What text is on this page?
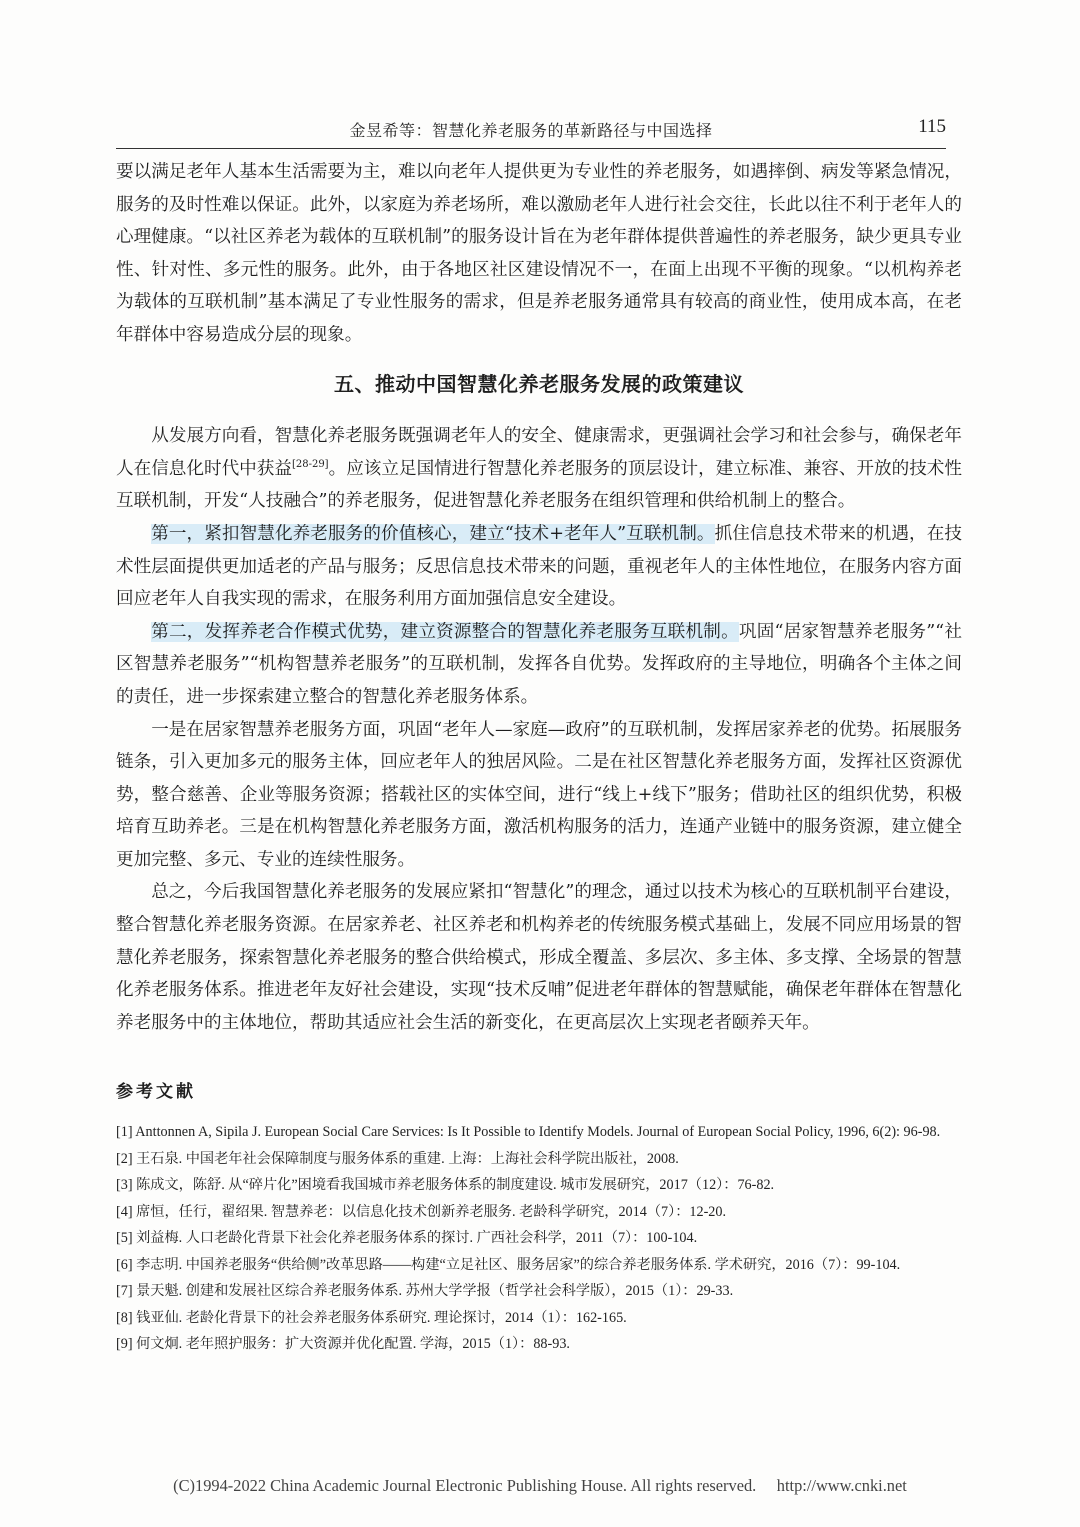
金昱希等：智慧化养老服务的革新路径与中国选择	115

要以满足老年人基本生活需要为主，难以向老年人提供更为专业性的养老服务，如遇摔倒、病发等紧急情况，服务的及时性难以保证。此外，以家庭为养老场所，难以激励老年人进行社会交往，长此以往不利于老年人的心理健康。“以社区养老为载体的互联机制”的服务设计旨在为老年群体提供普遍性的养老服务，缺少更具专业性、针对性、多元性的服务。此外，由于各地区社区建设情况不一，在面上出现不平衡的现象。“以机构养老为载体的互联机制”基本满足了专业性服务的需求，但是养老服务通常具有较高的商业性，使用成本高，在老年群体中容易造成分层的现象。

五、推动中国智慧化养老服务发展的政策建议

从发展方向看，智慧化养老服务既强调老年人的安全、健康需求，更强调社会学习和社会参与，确保老年人在信息化时代中获益[28-29]。应该立足国情进行智慧化养老服务的顶层设计，建立标准、兼容、开放的技术性互联机制，开发“人技融合”的养老服务，促进智慧化养老服务在组织管理和供给机制上的整合。

第一，紧扣智慧化养老服务的价值核心，建立“技术+老年人”互联机制。抓住信息技术带来的机遇，在技术性层面提供更加适老的产品与服务；反思信息技术带来的问题，重视老年人的主体性地位，在服务内容方面回应老年人自我实现的需求，在服务利用方面加强信息安全建设。

第二，发挥养老合作模式优势，建立资源整合的智慧化养老服务互联机制。巩固“居家智慧养老服务”“社区智慧养老服务”“机构智慧养老服务”的互联机制，发挥各自优势。发挥政府的主导地位，明确各个主体之间的责任，进一步探索建立整合的智慧化养老服务体系。

一是在居家智慧养老服务方面，巩固“老年人—家庭—政府”的互联机制，发挥居家养老的优势。拓展服务链条，引入更加多元的服务主体，回应老年人的独居风险。二是在社区智慧化养老服务方面，发挥社区资源优势，整合慈善、企业等服务资源；搭载社区的实体空间，进行“线上+线下”服务；借助社区的组织优势，积极培育互助养老。三是在机构智慧化养老服务方面，激活机构服务的活力，连通产业链中的服务资源，建立健全更加完整、多元、专业的连续性服务。

总之，今后我国智慧化养老服务的发展应紧扣“智慧化”的理念，通过以技术为核心的互联机制平台建设，整合智慧化养老服务资源。在居家养老、社区养老和机构养老的传统服务模式基础上，发展不同应用场景的智慧化养老服务，探索智慧化养老服务的整合供给模式，形成全覆盖、多层次、多主体、多支撑、全场景的智慧化养老服务体系。推进老年友好社会建设，实现“技术反哺”促进老年群体的智慧赋能，确保老年群体在智慧化养老服务中的主体地位，帮助其适应社会生活的新变化，在更高层次上实现老者颐养天年。

参考文献

[1] Anttonnen A, Sipila J. European Social Care Services: Is It Possible to Identify Models. Journal of European Social Policy, 1996, 6(2): 96-98.

[2] 王石泉. 中国老年社会保障制度与服务体系的重建. 上海：上海社会科学院出版社，2008.

[3] 陈成文，陈舒. 从“碎片化”困境看我国城市养老服务体系的制度建设. 城市发展研究，2017（12）：76-82.

[4] 席恒，任行，翟绍果. 智慧养老：以信息化技术创新养老服务. 老龄科学研究，2014（7）：12-20.

[5] 刘益梅. 人口老龄化背景下社会化养老服务体系的探讨. 广西社会科学，2011（7）：100-104.

[6] 李志明. 中国养老服务“供给侧”改革思路——构建“立足社区、服务居家”的综合养老服务体系. 学术研究，2016（7）：99-104.

[7] 景天魁. 创建和发展社区综合养老服务体系. 苏州大学学报（哲学社会科学版），2015（1）：29-33.

[8] 钱亚仙. 老龄化背景下的社会养老服务体系研究. 理论探讨，2014（1）：162-165.

[9] 何文炯. 老年照护服务：扩大资源并优化配置. 学海，2015（1）：88-93.

(C)1994-2022 China Academic Journal Electronic Publishing House. All rights reserved. http://www.cnki.net
